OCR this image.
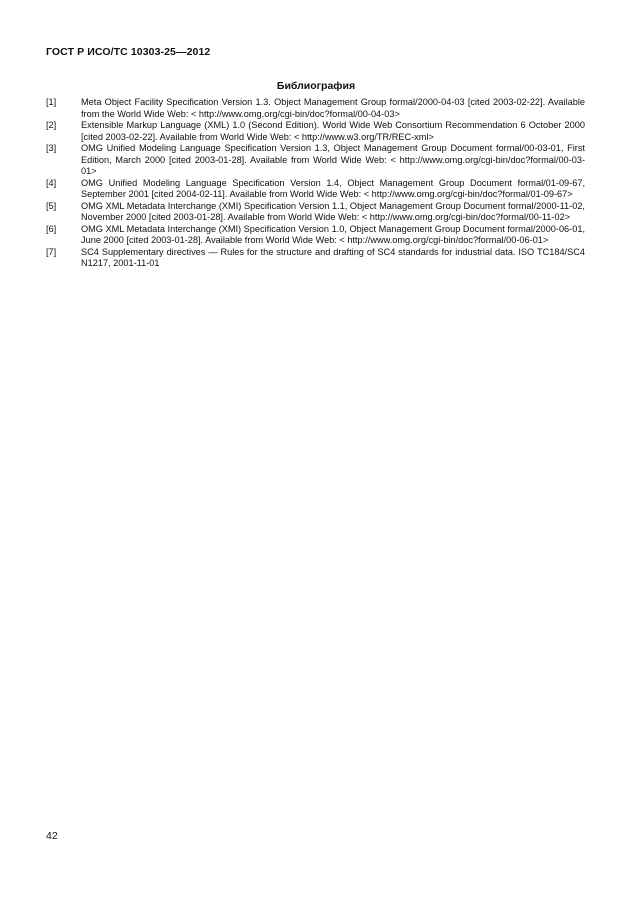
ГОСТ Р ИСО/ТС 10303-25—2012
Библиография
[1]	Meta Object Facility Specification Version 1.3. Object Management Group formal/2000-04-03 [cited 2003-02-22]. Available from the World Wide Web: < http://www.omg.org/cgi-bin/doc?formal/00-04-03>
[2]	Extensible Markup Language (XML) 1.0 (Second Edition). World Wide Web Consortium Recommendation 6 October 2000 [cited 2003-02-22]. Available from World Wide Web: < http://www.w3.org/TR/REC-xml>
[3]	OMG Unified Modeling Language Specification Version 1.3, Object Management Group Document formal/00-03-01, First Edition, March 2000 [cited 2003-01-28]. Available from World Wide Web: < http://www.omg.org/cgi-bin/doc?formal/00-03-01>
[4]	OMG Unified Modeling Language Specification Version 1.4, Object Management Group Document formal/01-09-67, September 2001 [cited 2004-02-11]. Available from World Wide Web: < http://www.omg.org/cgi-bin/doc?formal/01-09-67>
[5]	OMG XML Metadata Interchange (XMI) Specification Version 1.1, Object Management Group Document formal/2000-11-02, November 2000 [cited 2003-01-28]. Available from World Wide Web: < http://www.omg.org/cgi-bin/doc?formal/00-11-02>
[6]	OMG XML Metadata Interchange (XMI) Specification Version 1.0, Object Management Group Document formal/2000-06-01, June 2000 [cited 2003-01-28]. Available from World Wide Web: < http://www.omg.org/cgi-bin/doc?formal/00-06-01>
[7]	SC4 Supplementary directives — Rules for the structure and drafting of SC4 standards for industrial data. ISO TC184/SC4 N1217, 2001-11-01
42
